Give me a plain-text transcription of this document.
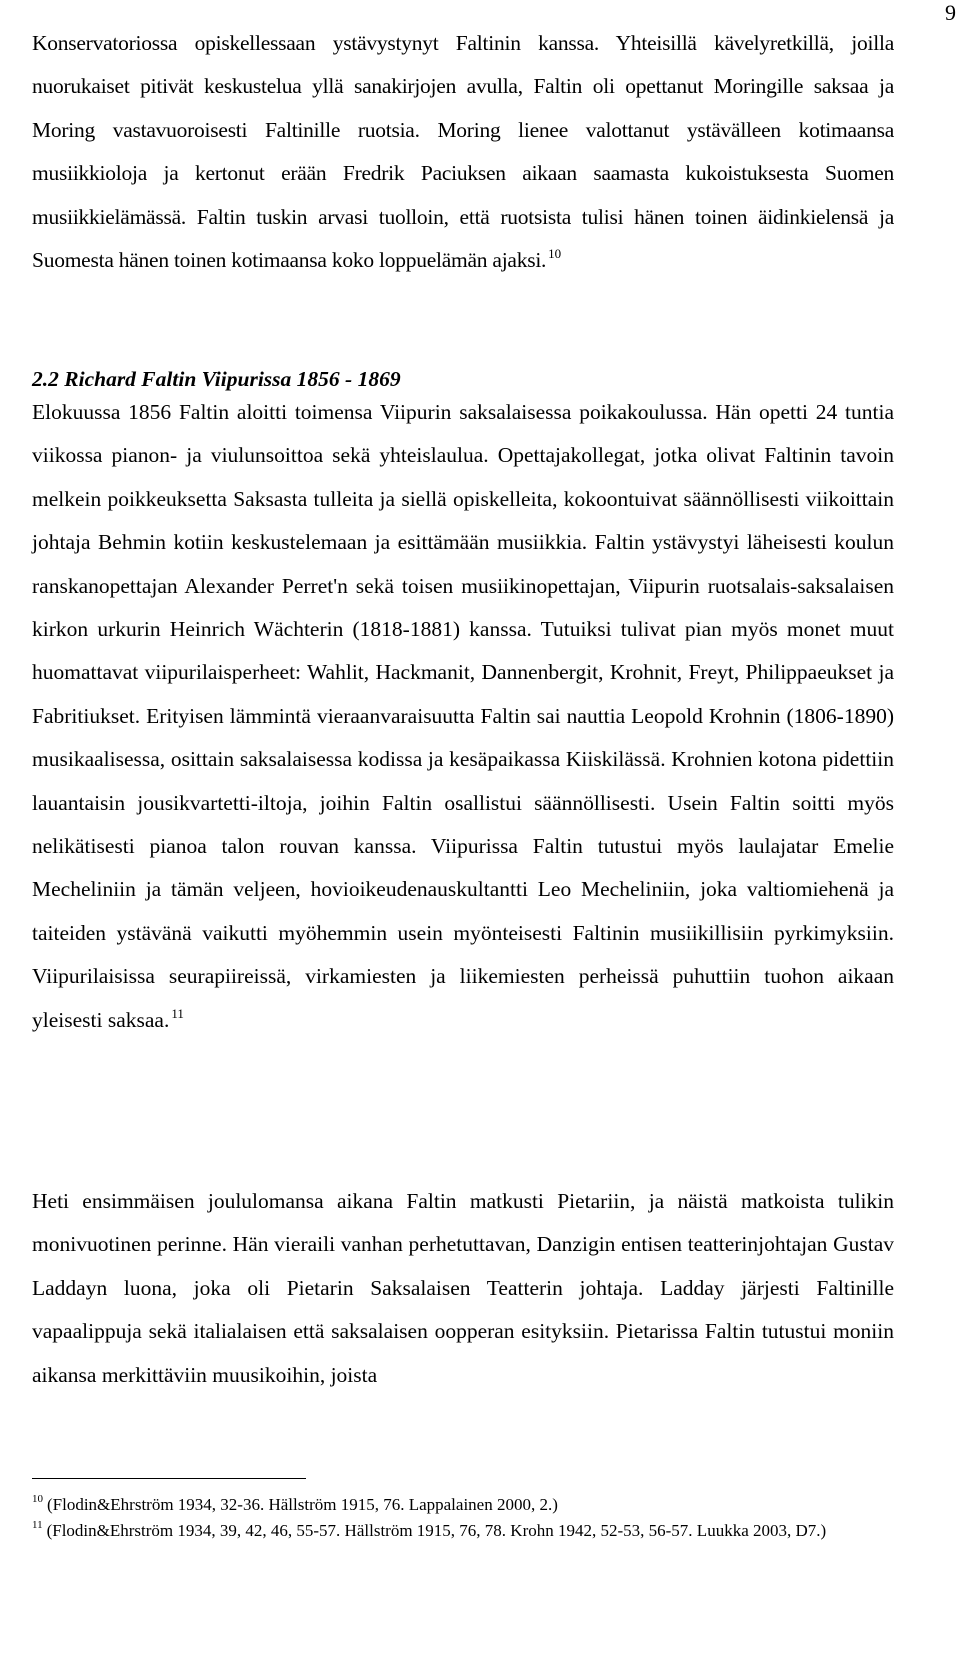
9

Konservatoriossa opiskellessaan ystävystynyt Faltinin kanssa. Yhteisillä kävelyretkillä, joilla nuorukaiset pitivät keskustelua yllä sanakirjojen avulla, Faltin oli opettanut Moringille saksaa ja Moring vastavuoroisesti Faltinille ruotsia. Moring lienee valottanut ystävälleen kotimaansa musiikkioloja ja kertonut erään Fredrik Paciuksen aikaan saamasta kukoistuksesta Suomen musiikkielämässä. Faltin tuskin arvasi tuolloin, että ruotsista tulisi hänen toinen äidinkielensä ja Suomesta hänen toinen kotimaansa koko loppuelämän ajaksi. $^{10}$

2.2 Richard Faltin Viipurissa 1856 - 1869

Elokuussa 1856 Faltin aloitti toimensa Viipurin saksalaisessa poikakoulussa. Hän opetti 24 tuntia viikossa pianon- ja viulunsoittoa sekä yhteislaulua. Opettajakollegat, jotka olivat Faltinin tavoin melkein poikkeuksetta Saksasta tulleita ja siellä opiskelleita, kokoontuivat säännöllisesti viikoittain johtaja Behmin kotiin keskustelemaan ja esittämään musiikkia. Faltin ystävystyi läheisesti koulun ranskanopettajan Alexander Perret'n sekä toisen musiikinopettajan, Viipurin ruotsalais-saksalaisen kirkon urkurin Heinrich Wächterin (1818-1881) kanssa. Tutuiksi tulivat pian myös monet muut huomattavat viipurilaisperheet: Wahlit, Hackmanit, Dannenbergit, Krohnit, Freyt, Philippaeukset ja Fabritiukset. Erityisen lämmintä vieraanvaraisuutta Faltin sai nauttia Leopold Krohnin (1806-1890) musikaalisessa, osittain saksalaisessa kodissa ja kesäpaikassa Kiiskilässä. Krohnien kotona pidettiin lauantaisin jousikvartetti-iltoja, joihin Faltin osallistui säännöllisesti. Usein Faltin soitti myös nelikätisesti pianoa talon rouvan kanssa. Viipurissa Faltin tutustui myös laulajatar Emelie Mecheliniin ja tämän veljeen, hovioikeudenauskultantti Leo Mecheliniin, joka valtiomiehenä ja taiteiden ystävänä vaikutti myöhemmin usein myönteisesti Faltinin musiikillisiin pyrkimyksiin. Viipurilaisissa seurapiireissä, virkamiesten ja liikemiesten perheissä puhuttiin tuohon aikaan yleisesti saksaa. $^{11}$

Heti ensimmäisen joululomansa aikana Faltin matkusti Pietariin, ja näistä matkoista tulikin monivuotinen perinne. Hän vieraili vanhan perhetuttavan, Danzigin entisen teatterinjohtajan Gustav Laddayn luona, joka oli Pietarin Saksalaisen Teatterin johtaja. Ladday järjesti Faltinille vapaalippuja sekä italialaisen että saksalaisen oopperan esityksiin. Pietarissa Faltin tutustui moniin aikansa merkittäviin muusikoihin, joista

$^{10}$ (Flodin&Ehrström 1934, 32-36. Hällström 1915, 76. Lappalainen 2000, 2.)

$^{11}$ (Flodin&Ehrström 1934, 39, 42, 46, 55-57. Hällström 1915, 76, 78. Krohn 1942, 52-53, 56-57. Luukka 2003, D7.)
